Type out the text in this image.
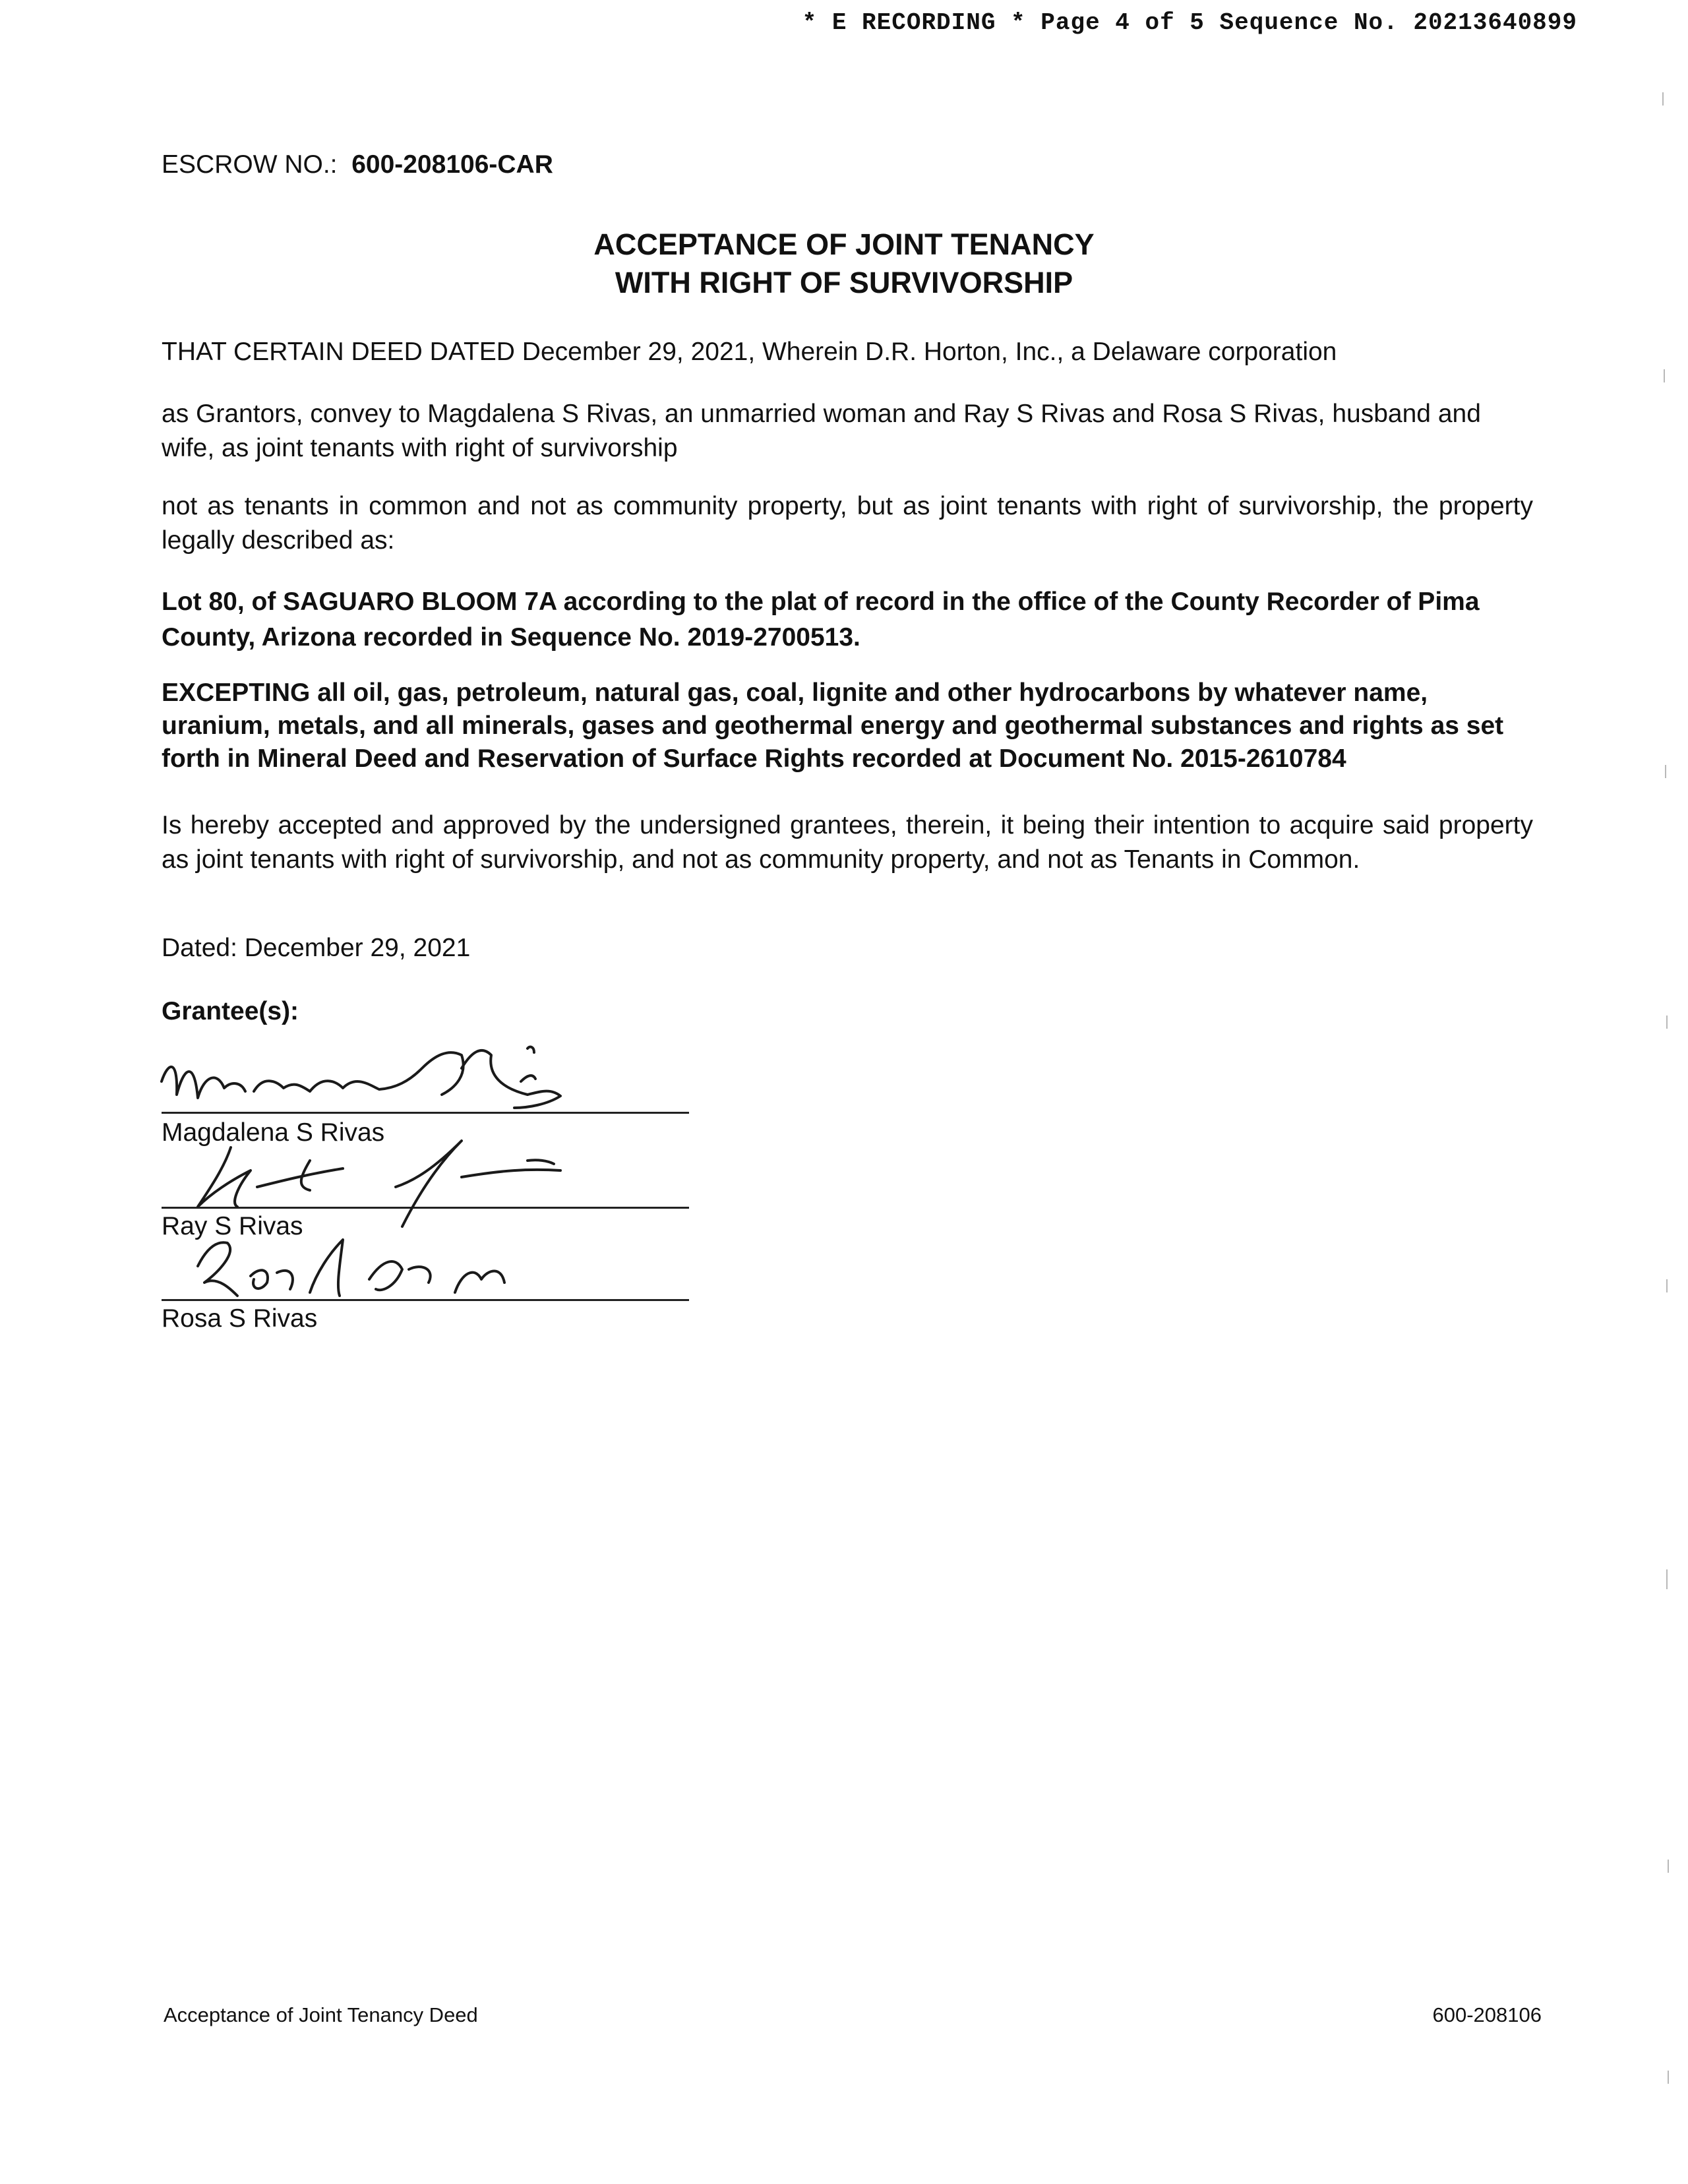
* E RECORDING * Page 4 of 5 Sequence No. 20213640899
ESCROW NO.: 600-208106-CAR
ACCEPTANCE OF JOINT TENANCY
WITH RIGHT OF SURVIVORSHIP
THAT CERTAIN DEED DATED December 29, 2021, Wherein D.R. Horton, Inc., a Delaware corporation
as Grantors, convey to Magdalena S Rivas, an unmarried woman and Ray S Rivas and Rosa S Rivas, husband and wife, as joint tenants with right of survivorship
not as tenants in common and not as community property, but as joint tenants with right of survivorship, the property legally described as:
Lot 80, of SAGUARO BLOOM 7A according to the plat of record in the office of the County Recorder of Pima County, Arizona recorded in Sequence No. 2019-2700513.
EXCEPTING all oil, gas, petroleum, natural gas, coal, lignite and other hydrocarbons by whatever name, uranium, metals, and all minerals, gases and geothermal energy and geothermal substances and rights as set forth in Mineral Deed and Reservation of Surface Rights recorded at Document No. 2015-2610784
Is hereby accepted and approved by the undersigned grantees, therein, it being their intention to acquire said property as joint tenants with right of survivorship, and not as community property, and not as Tenants in Common.
Dated: December 29, 2021
Grantee(s):
Magdalena S Rivas
Ray S Rivas
Rosa S Rivas
Acceptance of Joint Tenancy Deed	600-208106
